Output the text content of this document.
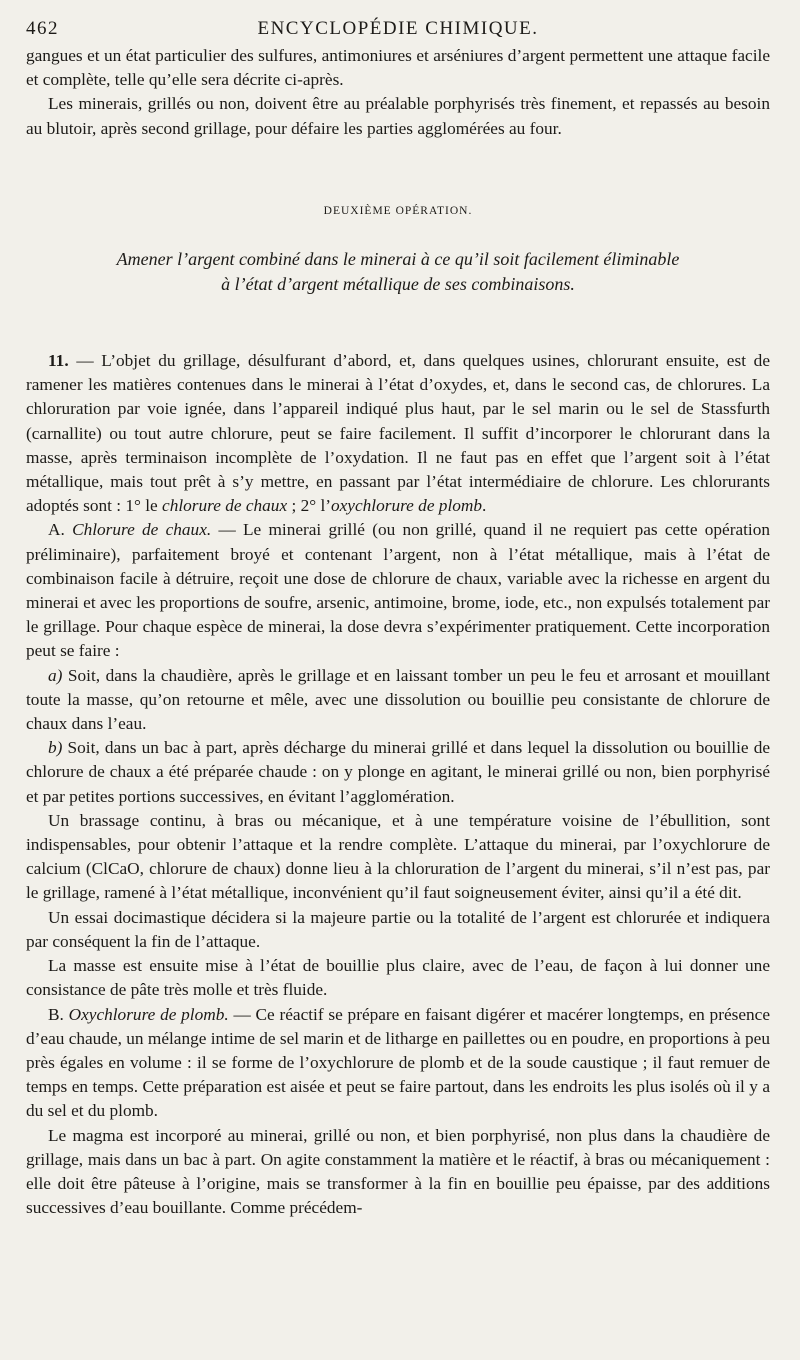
462	ENCYCLOPÉDIE CHIMIQUE.

gangues et un état particulier des sulfures, antimoniures et arséniures d’argent permettent une attaque facile et complète, telle qu’elle sera décrite ci-après.

Les minerais, grillés ou non, doivent être au préalable porphyrisés très finement, et repassés au besoin au blutoir, après second grillage, pour défaire les parties agglomérées au four.

DEUXIÈME OPÉRATION.
Amener l’argent combiné dans le minerai à ce qu’il soit facilement éliminable
à l’état d’argent métallique de ses combinaisons.

11. — L’objet du grillage, désulfurant d’abord, et, dans quelques usines, chlorurant ensuite, est de ramener les matières contenues dans le minerai à l’état d’oxydes, et, dans le second cas, de chlorures. La chloruration par voie ignée, dans l’appareil indiqué plus haut, par le sel marin ou le sel de Stassfurth (carnallite) ou tout autre chlorure, peut se faire facilement. Il suffit d’incorporer le chlorurant dans la masse, après terminaison incomplète de l’oxydation. Il ne faut pas en effet que l’argent soit à l’état métallique, mais tout prêt à s’y mettre, en passant par l’état intermédiaire de chlorure. Les chlorurants adoptés sont : 1° le chlorure de chaux ; 2° l’oxychlorure de plomb.

A. Chlorure de chaux. — Le minerai grillé (ou non grillé, quand il ne requiert pas cette opération préliminaire), parfaitement broyé et contenant l’argent, non à l’état métallique, mais à l’état de combinaison facile à détruire, reçoit une dose de chlorure de chaux, variable avec la richesse en argent du minerai et avec les proportions de soufre, arsenic, antimoine, brome, iode, etc., non expulsés totalement par le grillage. Pour chaque espèce de minerai, la dose devra s’expérimenter pratiquement. Cette incorporation peut se faire :

a) Soit, dans la chaudière, après le grillage et en laissant tomber un peu le feu et arrosant et mouillant toute la masse, qu’on retourne et mêle, avec une dissolution ou bouillie peu consistante de chlorure de chaux dans l’eau.

b) Soit, dans un bac à part, après décharge du minerai grillé et dans lequel la dissolution ou bouillie de chlorure de chaux a été préparée chaude : on y plonge en agitant, le minerai grillé ou non, bien porphyrisé et par petites portions successives, en évitant l’agglomération.

Un brassage continu, à bras ou mécanique, et à une température voisine de l’ébullition, sont indispensables, pour obtenir l’attaque et la rendre complète. L’attaque du minerai, par l’oxychlorure de calcium (ClCaO, chlorure de chaux) donne lieu à la chloruration de l’argent du minerai, s’il n’est pas, par le grillage, ramené à l’état métallique, inconvénient qu’il faut soigneusement éviter, ainsi qu’il a été dit.

Un essai docimastique décidera si la majeure partie ou la totalité de l’argent est chlorurée et indiquera par conséquent la fin de l’attaque.

La masse est ensuite mise à l’état de bouillie plus claire, avec de l’eau, de façon à lui donner une consistance de pâte très molle et très fluide.

B. Oxychlorure de plomb. — Ce réactif se prépare en faisant digérer et macérer longtemps, en présence d’eau chaude, un mélange intime de sel marin et de litharge en paillettes ou en poudre, en proportions à peu près égales en volume : il se forme de l’oxychlorure de plomb et de la soude caustique ; il faut remuer de temps en temps. Cette préparation est aisée et peut se faire partout, dans les endroits les plus isolés où il y a du sel et du plomb.

Le magma est incorporé au minerai, grillé ou non, et bien porphyrisé, non plus dans la chaudière de grillage, mais dans un bac à part. On agite constamment la matière et le réactif, à bras ou mécaniquement : elle doit être pâteuse à l’origine, mais se transformer à la fin en bouillie peu épaisse, par des additions successives d’eau bouillante. Comme précédem-
